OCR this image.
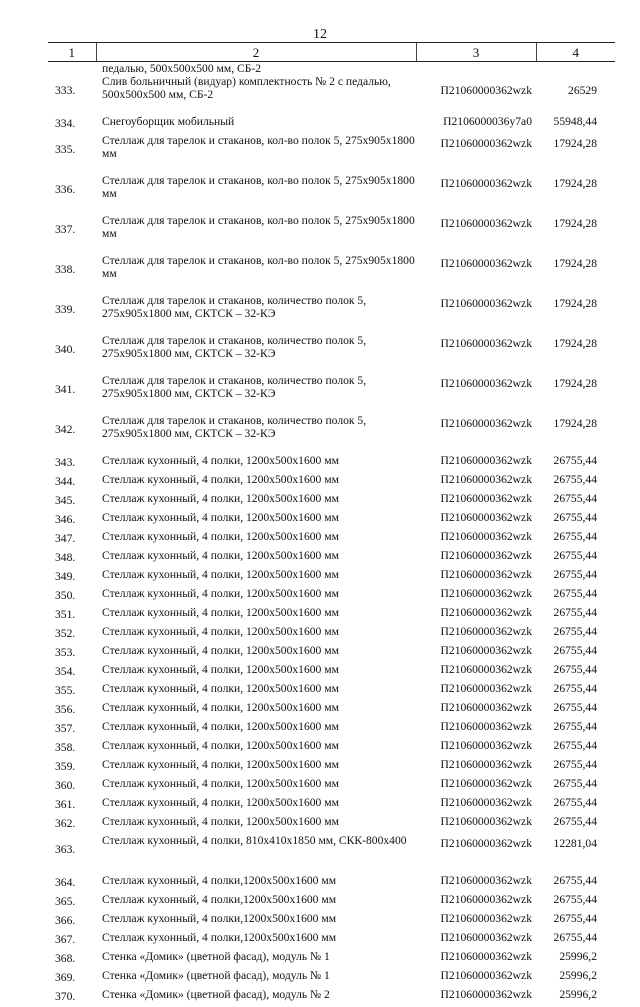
12
1	2	3	4
	педалью, 500x500x500 мм, СБ-2		
333.	Слив больничный (видуар) комплектность № 2 с педалью, 500x500x500 мм, СБ-2	П21060000362wzk	26529
334.	Снегоуборщик мобильный	П2106000036у7а0	55948,44
335.	Стеллаж для тарелок и стаканов, кол-во полок 5, 275x905x1800 мм	П21060000362wzk	17924,28
336.	Стеллаж для тарелок и стаканов, кол-во полок 5, 275x905x1800 мм	П21060000362wzk	17924,28
337.	Стеллаж для тарелок и стаканов, кол-во полок 5, 275x905x1800 мм	П21060000362wzk	17924,28
338.	Стеллаж для тарелок и стаканов, кол-во полок 5, 275x905x1800 мм	П21060000362wzk	17924,28
339.	Стеллаж для тарелок и стаканов, количество полок 5, 275x905x1800 мм, СКТСК – 32-КЭ	П21060000362wzk	17924,28
340.	Стеллаж для тарелок и стаканов, количество полок 5, 275x905x1800 мм, СКТСК – 32-КЭ	П21060000362wzk	17924,28
341.	Стеллаж для тарелок и стаканов, количество полок 5, 275x905x1800 мм, СКТСК – 32-КЭ	П21060000362wzk	17924,28
342.	Стеллаж для тарелок и стаканов, количество полок 5, 275x905x1800 мм, СКТСК – 32-КЭ	П21060000362wzk	17924,28
343.	Стеллаж кухонный, 4 полки, 1200x500x1600 мм	П21060000362wzk	26755,44
344.	Стеллаж кухонный, 4 полки, 1200x500x1600 мм	П21060000362wzk	26755,44
345.	Стеллаж кухонный, 4 полки, 1200x500x1600 мм	П21060000362wzk	26755,44
346.	Стеллаж кухонный, 4 полки, 1200x500x1600 мм	П21060000362wzk	26755,44
347.	Стеллаж кухонный, 4 полки, 1200x500x1600 мм	П21060000362wzk	26755,44
348.	Стеллаж кухонный, 4 полки, 1200x500x1600 мм	П21060000362wzk	26755,44
349.	Стеллаж кухонный, 4 полки, 1200x500x1600 мм	П21060000362wzk	26755,44
350.	Стеллаж кухонный, 4 полки, 1200x500x1600 мм	П21060000362wzk	26755,44
351.	Стеллаж кухонный, 4 полки, 1200x500x1600 мм	П21060000362wzk	26755,44
352.	Стеллаж кухонный, 4 полки, 1200x500x1600 мм	П21060000362wzk	26755,44
353.	Стеллаж кухонный, 4 полки, 1200x500x1600 мм	П21060000362wzk	26755,44
354.	Стеллаж кухонный, 4 полки, 1200x500x1600 мм	П21060000362wzk	26755,44
355.	Стеллаж кухонный, 4 полки, 1200x500x1600 мм	П21060000362wzk	26755,44
356.	Стеллаж кухонный, 4 полки, 1200x500x1600 мм	П21060000362wzk	26755,44
357.	Стеллаж кухонный, 4 полки, 1200x500x1600 мм	П21060000362wzk	26755,44
358.	Стеллаж кухонный, 4 полки, 1200x500x1600 мм	П21060000362wzk	26755,44
359.	Стеллаж кухонный, 4 полки, 1200x500x1600 мм	П21060000362wzk	26755,44
360.	Стеллаж кухонный, 4 полки, 1200x500x1600 мм	П21060000362wzk	26755,44
361.	Стеллаж кухонный, 4 полки, 1200x500x1600 мм	П21060000362wzk	26755,44
362.	Стеллаж кухонный, 4 полки, 1200x500x1600 мм	П21060000362wzk	26755,44
363.	Стеллаж кухонный, 4 полки, 810x410x1850 мм, СКК-800x400	П21060000362wzk	12281,04
364.	Стеллаж кухонный, 4 полки,1200x500x1600 мм	П21060000362wzk	26755,44
365.	Стеллаж кухонный, 4 полки,1200x500x1600 мм	П21060000362wzk	26755,44
366.	Стеллаж кухонный, 4 полки,1200x500x1600 мм	П21060000362wzk	26755,44
367.	Стеллаж кухонный, 4 полки,1200x500x1600 мм	П21060000362wzk	26755,44
368.	Стенка «Домик» (цветной фасад), модуль № 1	П21060000362wzk	25996,2
369.	Стенка «Домик» (цветной фасад), модуль № 1	П21060000362wzk	25996,2
370.	Стенка «Домик» (цветной фасад), модуль № 2	П21060000362wzk	25996,2
